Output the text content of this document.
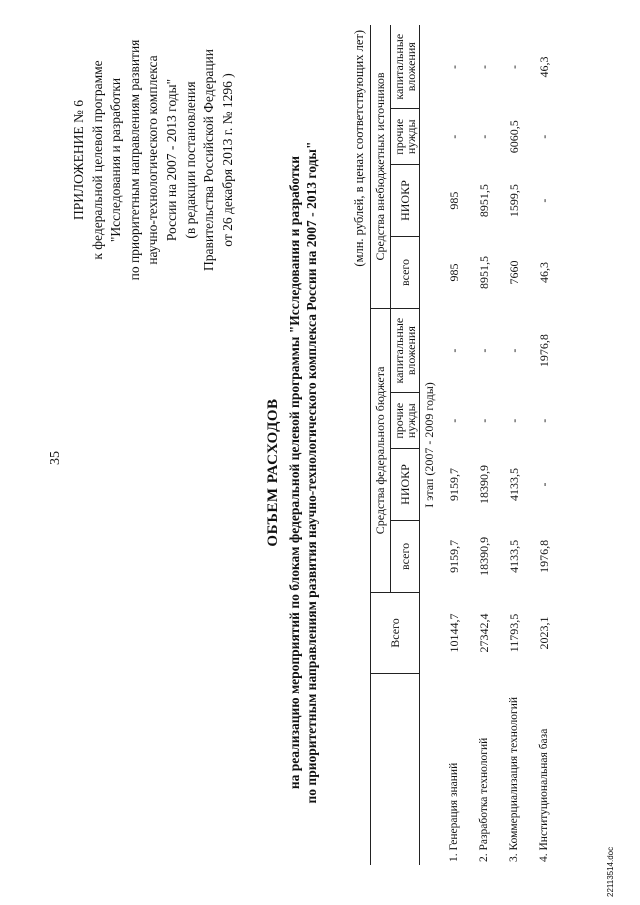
35
ПРИЛОЖЕНИЕ № 6 к федеральной целевой программе "Исследования и разработки по приоритетным направлениям развития научно-технологического комплекса России на 2007 - 2013 годы" (в редакции постановления Правительства Российской Федерации от 26 декабря 2013 г. № 1296 )
ОБЪЕМ РАСХОДОВ на реализацию мероприятий по блокам федеральной целевой программы "Исследования и разработки по приоритетным направлениям развития научно-технологического комплекса России на 2007 - 2013 годы"	(млн. рублей, в ценах соответствующих лет)
	Всего	Средства федерального бюджета				Средства внебюджетных источников			
		всего	НИОКР	прочие нужды	капитальные вложения	всего	НИОКР	прочие нужды	капитальные вложения
I этап (2007 - 2009 годы)									
1. Генерация знаний	10144,7	9159,7	9159,7	-	-	985	985	-	-
2. Разработка технологий	27342,4	18390,9	18390,9	-	-	8951,5	8951,5	-	-
3. Коммерциализация технологий	11793,5	4133,5	4133,5	-	-	7660	1599,5	6060,5	-
4. Институциональная база	2023,1	1976,8	-	-	1976,8	46,3	-	-	46,3
22113514.doc
